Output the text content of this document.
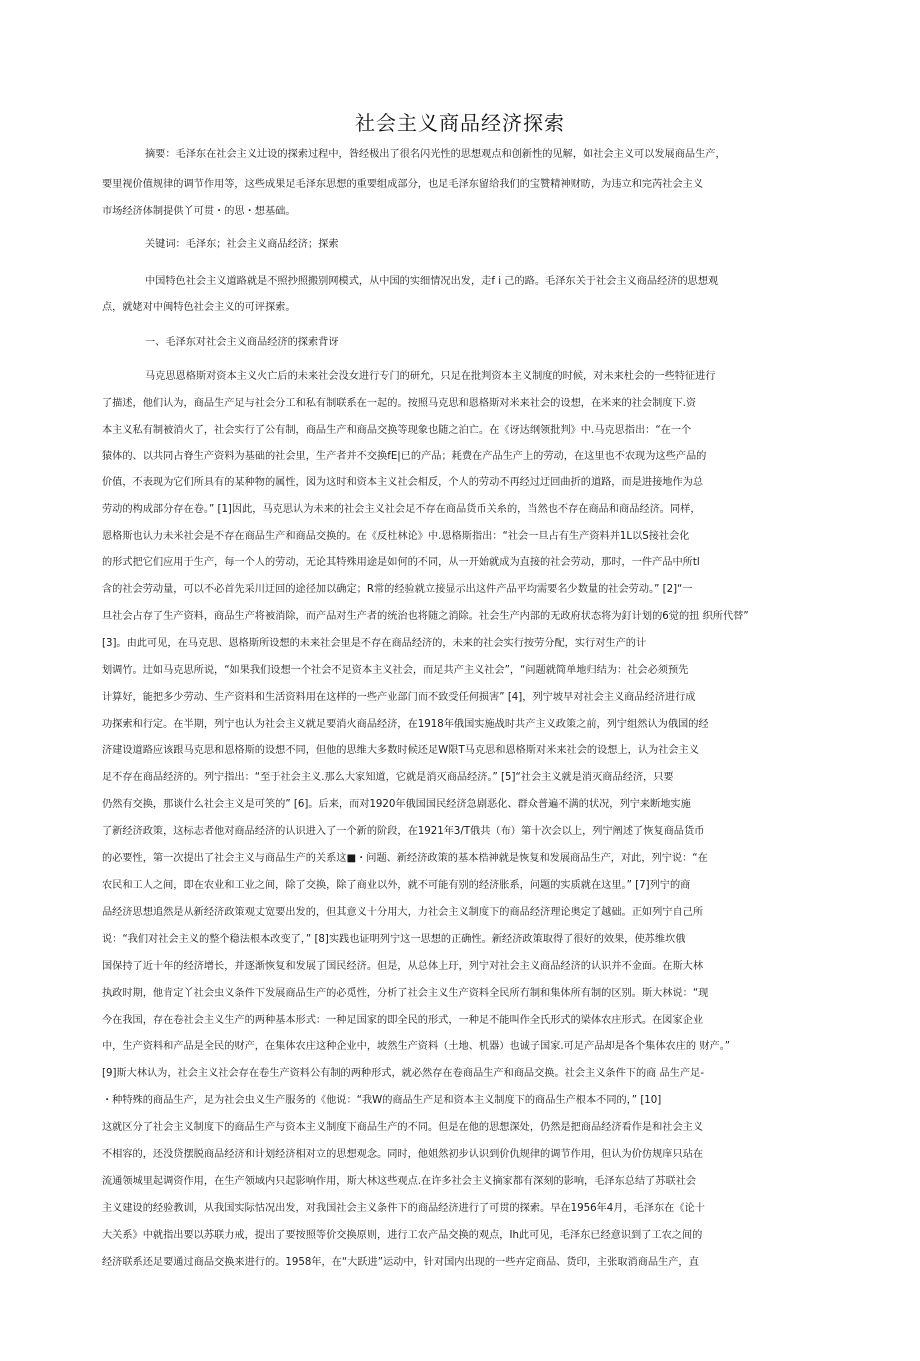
社会主义商品经济探索

摘要：毛泽东在社会主义辻设的探索过程中，昝经极出了很名闪光性的思想观点和创新性的见解，如社会主义可以发展商品生产，

要里视价值规律的调节作用等，这些成果足毛泽东思想的重要组成部分，也足毛泽东留给我们的宝赞精神财昉，为违立和完芮社会主义

市场经济体制提供丫可贯・的思・想基础。

关键词：毛泽东；社会主义商品经济；探索

中国特色社会主义道路就是不照抄照搬别网模式，从中国的实细情况出发，走f i 己的路。毛泽东关于社会主义商品经济的思想观

点，就姥对中闽特色社会主义的可评探索。

一、毛泽东对社会主义商品经济的探索背讶

马克思恩格斯对资本主义火亡后的未来社会没女进行专门的研允，只足在批判资本主义制度的时候，对未来杜会的一些特征进行

了描述，他们认为，商品生产足与社会分工和私有制联系在一起的。按照马克思和恩格斯对米来社会的设想，在米来的社会制度下.资

本主义私有制被消火了，社会实行了公有制，商品生产和商品交换等现象也随之泊亡。在《讶达纲领批判》中.马克思指出：“在一个

猿体的、以共同占脊生产资料为基础的社会里，生产者并不交换fE|已的产品；耗费在产品生产上的劳动，在这里也不农现为这些产品的

价值，不表现为它们所具有的某种物的属性，図为这时和资本主义社会相反，个人的劳动不再经过迂回曲折的道路，而是进接地作为总

劳动的构成部分存在卷。” [1]因此，马克思认为未来的社会主义社会足不存在商品货币关糸的，当然也不存在商品和商品经济。同样，

恩格斯也认力未米社会是不存在商品生产和商品交换的。在《反杜林论》中.恩格斯指出：“社会一旦占有生产资料并1L以S接社会化

的形式把它们应用于生产，每一个人的劳动，无论其特殊用途是如何的不同，从一开始就成为直接的社会劳动，那时，一件产品中所tl

含的社会劳动量，可以不必首先采川迂回的途径加以确定；R常的经验就立接显示出这件产品平均需要名少数量的社会劳动。” [2]“一

旦社会占存了生产资料，商品生产将被消除，而产品对生产者的统治也将随之消除。社会生产内部的无政府状态将为釘计划的6觉的扭 织所代替”

[3]。由此可见，在马克思、恩格斯所设想的未来社会里是不存在商品经济的，未来的社会实行按劳分配，实行对生产的计

划调竹。辻如马克思所说，“如果我们设想一个社会不足资本主义社会，而足共产主义社会”，“问题就简单地归结为：社会必须预先

计算好，能把多少劳动、生产资料和生活资料用在这样的一些产业部门而不致受任何损害” [4]，列宁坡早对社会主义商品经济进行成

功探索和行定。在半期，列宁也认为社会主义就足要消火商品经济，在1918年俄国实施战时共产主义政策之前，列宁组然认为俄国的经

济建设道路应该跟马克思和恩格斯的设想不同，但他的思维大多数时候还足W限T马克思和恩格斯对米来社会的设想上，认为社会主义

足不存在商品经济的。列宁指出：“至于社会主义.那么大家知道，它就是消灭商品经济。” [5]“社会主义就是消灭商品经济，只要

仍然有交换，那谈什么社会主义是可笑的” [6]。后来，而对1920年俄国国民经济急剧恶化、群众普遍不满的状况，列宁来断地实施

了新经济政策，这标志者他对商品经济的认识进入了一个新的阶段，在1921年3/T俄共（布）第十次会以上，列宁阐述了恢复商品货币

的必要性，第一次提出了社会主义与商品生产的关系这■・问题、新经济政策的基本梏神就是恢复和发展商品生产，对此，列宁说：“在

农民和工人之间，即在农业和工业之间，除了交换，除了商业以外，就不可能有别的经济胀系，问题的实质就在这里。” [7]列宁的商

品经济思想追然是从新经济政策观丈宽要出发的，但其意义十分用大，力社会主义制度下的商品经济理论奥定了越础。正如列宁自己所

说：“我们对社会主义的整个稳法根本改变了，” [8]实践也证明列宁这一思想的正确性。新经济政策取得了很好的效果，使苏维坎俄

国保持了近十年的经济增长，并逐渐恢复和发展了国民经济。但是，从总体上玗，列宁对社会主义商品经济的认识并不金面。在斯大林

执政时期，他肯定丫社会虫义条件下发展商品生产的必觅性，分析了社会主义生产资料全民所冇制和集体所有制的区别。斯大林说：“现

今在我国，存在卷社会主义生产的两种基本形式：一种足国家的即全民的形式，一种足不能叫作全氏形式的梁体农庄形式。在図家企业

中，生产资料和产品是全民的财产，在集体农庄这种企业中，坡然生产资料（土地、机器）也诚子国家.可足产品却是各个集体农庄的 财产。”

[9]斯大林认为，社会主义社会存在卷生产资料公有制的两种形式，就必然存在卷商品生产和商品交换。社会主义条件下的商 品生产足-

・种特殊的商品生产，足为社会虫义生产服务的《他说：“我W的商品生产足和资本主义制度下的商品生产根本不同的，” [10]

这就区分了社会主义制度下的商品生产与资本主义制度下商品生产的不同。但是在他的思想深处，仍然是把商品经济看作是和社会主义

不相容的，还没贷摆脱商品经济和计划经济相对立的思想观念。同时，他姐然初步认识到价仇规律的调节作用，但认为价仿规庠只玷在

流通领城里起调资作用，在生产领域内只起影响作用，斯大林这些观点.在许多社会主义摘家都有深刻的影响，毛泽东总结了苏联社会

主义建设的经验教训，从我国实际怙况出发，对我国社会主义条件下的商品经济进行了可贯的探索。早在1956年4月，毛泽东在《论十

大关系》中就指出要以苏联力戒，提出了要按照等价交换原则，进行工农产品交换的观点，Ih此可见，毛泽东已经意识到了工农之间的

经济联系还足要通过商品交换来进行的。1958年，在“大跃进”运动中，针对国内出现的一些卉定商品、货印，主张取消商品生产，直
